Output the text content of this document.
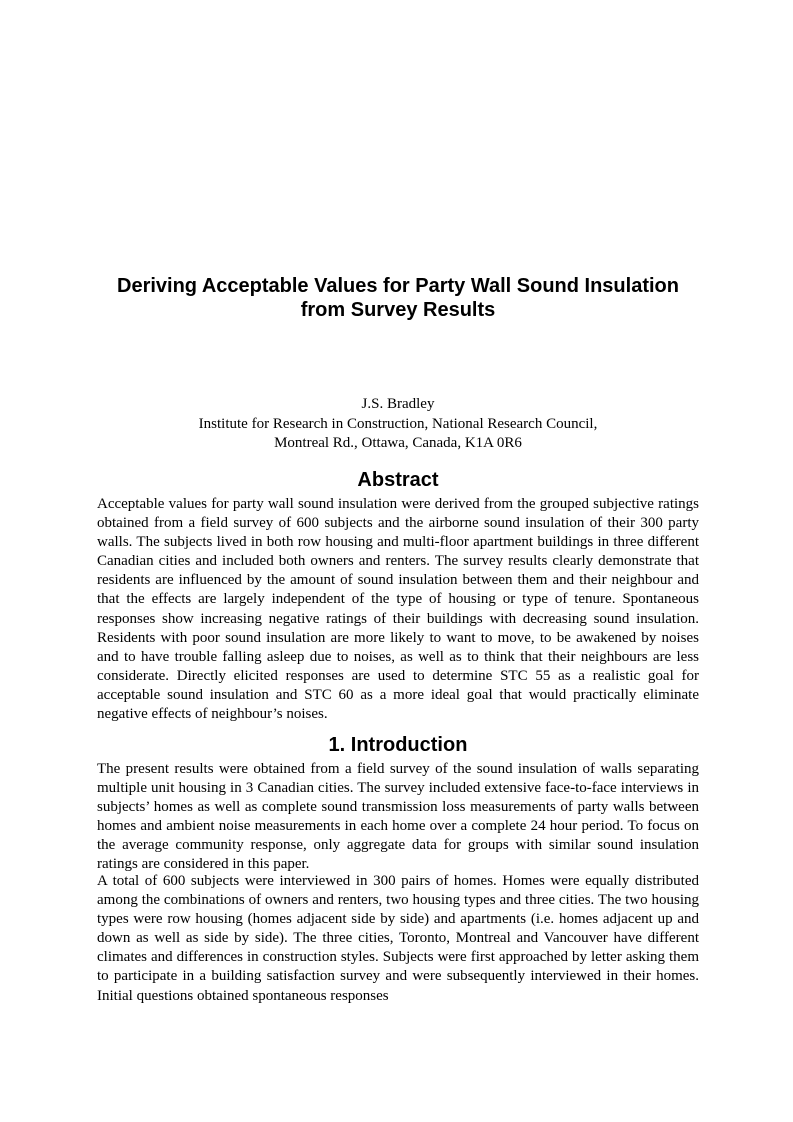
Deriving Acceptable Values for Party Wall Sound Insulation
from Survey Results
J.S. Bradley
Institute for Research in Construction, National Research Council,
Montreal Rd., Ottawa, Canada, K1A 0R6
Abstract

Acceptable values for party wall sound insulation were derived from the grouped subjective ratings obtained from a field survey of 600 subjects and the airborne sound insulation of their 300 party walls. The subjects lived in both row housing and multi-floor apartment buildings in three different Canadian cities and included both owners and renters. The survey results clearly demonstrate that residents are influenced by the amount of sound insulation between them and their neighbour and that the effects are largely independent of the type of housing or type of tenure. Spontaneous responses show increasing negative ratings of their buildings with decreasing sound insulation. Residents with poor sound insulation are more likely to want to move, to be awakened by noises and to have trouble falling asleep due to noises, as well as to think that their neighbours are less considerate. Directly elicited responses are used to determine STC 55 as a realistic goal for acceptable sound insulation and STC 60 as a more ideal goal that would practically eliminate negative effects of neighbour’s noises.

1. Introduction

The present results were obtained from a field survey of the sound insulation of walls separating multiple unit housing in 3 Canadian cities. The survey included extensive face-to-face interviews in subjects’ homes as well as complete sound transmission loss measurements of party walls between homes and ambient noise measurements in each home over a complete 24 hour period. To focus on the average community response, only aggregate data for groups with similar sound insulation ratings are considered in this paper.

A total of 600 subjects were interviewed in 300 pairs of homes. Homes were equally distributed among the combinations of owners and renters, two housing types and three cities. The two housing types were row housing (homes adjacent side by side) and apartments (i.e. homes adjacent up and down as well as side by side). The three cities, Toronto, Montreal and Vancouver have different climates and differences in construction styles. Subjects were first approached by letter asking them to participate in a building satisfaction survey and were subsequently interviewed in their homes. Initial questions obtained spontaneous responses
